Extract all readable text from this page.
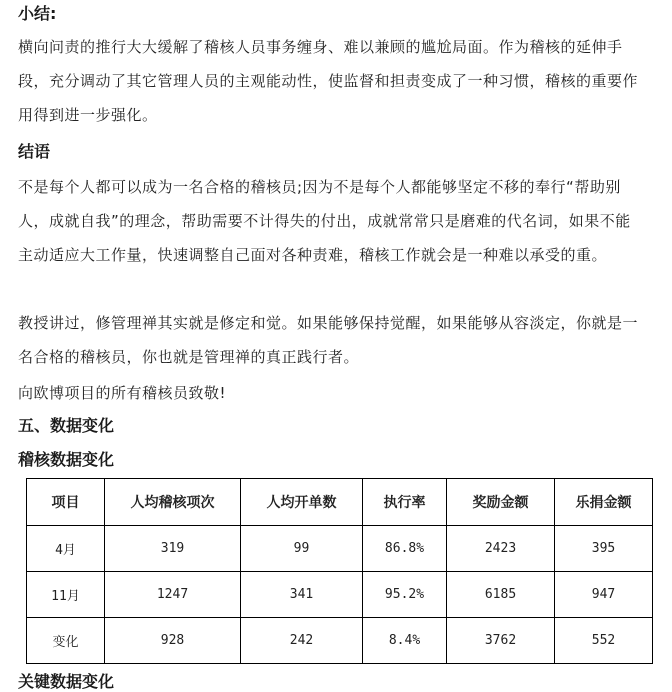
小结:

横向问责的推行大大缓解了稽核人员事务缠身、难以兼顾的尴尬局面。作为稽核的延伸手段，充分调动了其它管理人员的主观能动性，使监督和担责变成了一种习惯，稽核的重要作用得到进一步强化。

结语

不是每个人都可以成为一名合格的稽核员;因为不是每个人都能够坚定不移的奉行“帮助别人，成就自我”的理念，帮助需要不计得失的付出，成就常常只是磨难的代名词，如果不能主动适应大工作量，快速调整自己面对各种责难，稽核工作就会是一种难以承受的重。

教授讲过，修管理禅其实就是修定和觉。如果能够保持觉醒，如果能够从容淡定，你就是一名合格的稽核员，你也就是管理禅的真正践行者。

向欧博项目的所有稽核员致敬!

五、数据变化
稽核数据变化
项目	人均稽核项次	人均开单数	执行率	奖励金额	乐捐金额
4月	319	99	86.8%	2423	395
11月	1247	341	95.2%	6185	947
变化	928	242	8.4%	3762	552
关键数据变化
